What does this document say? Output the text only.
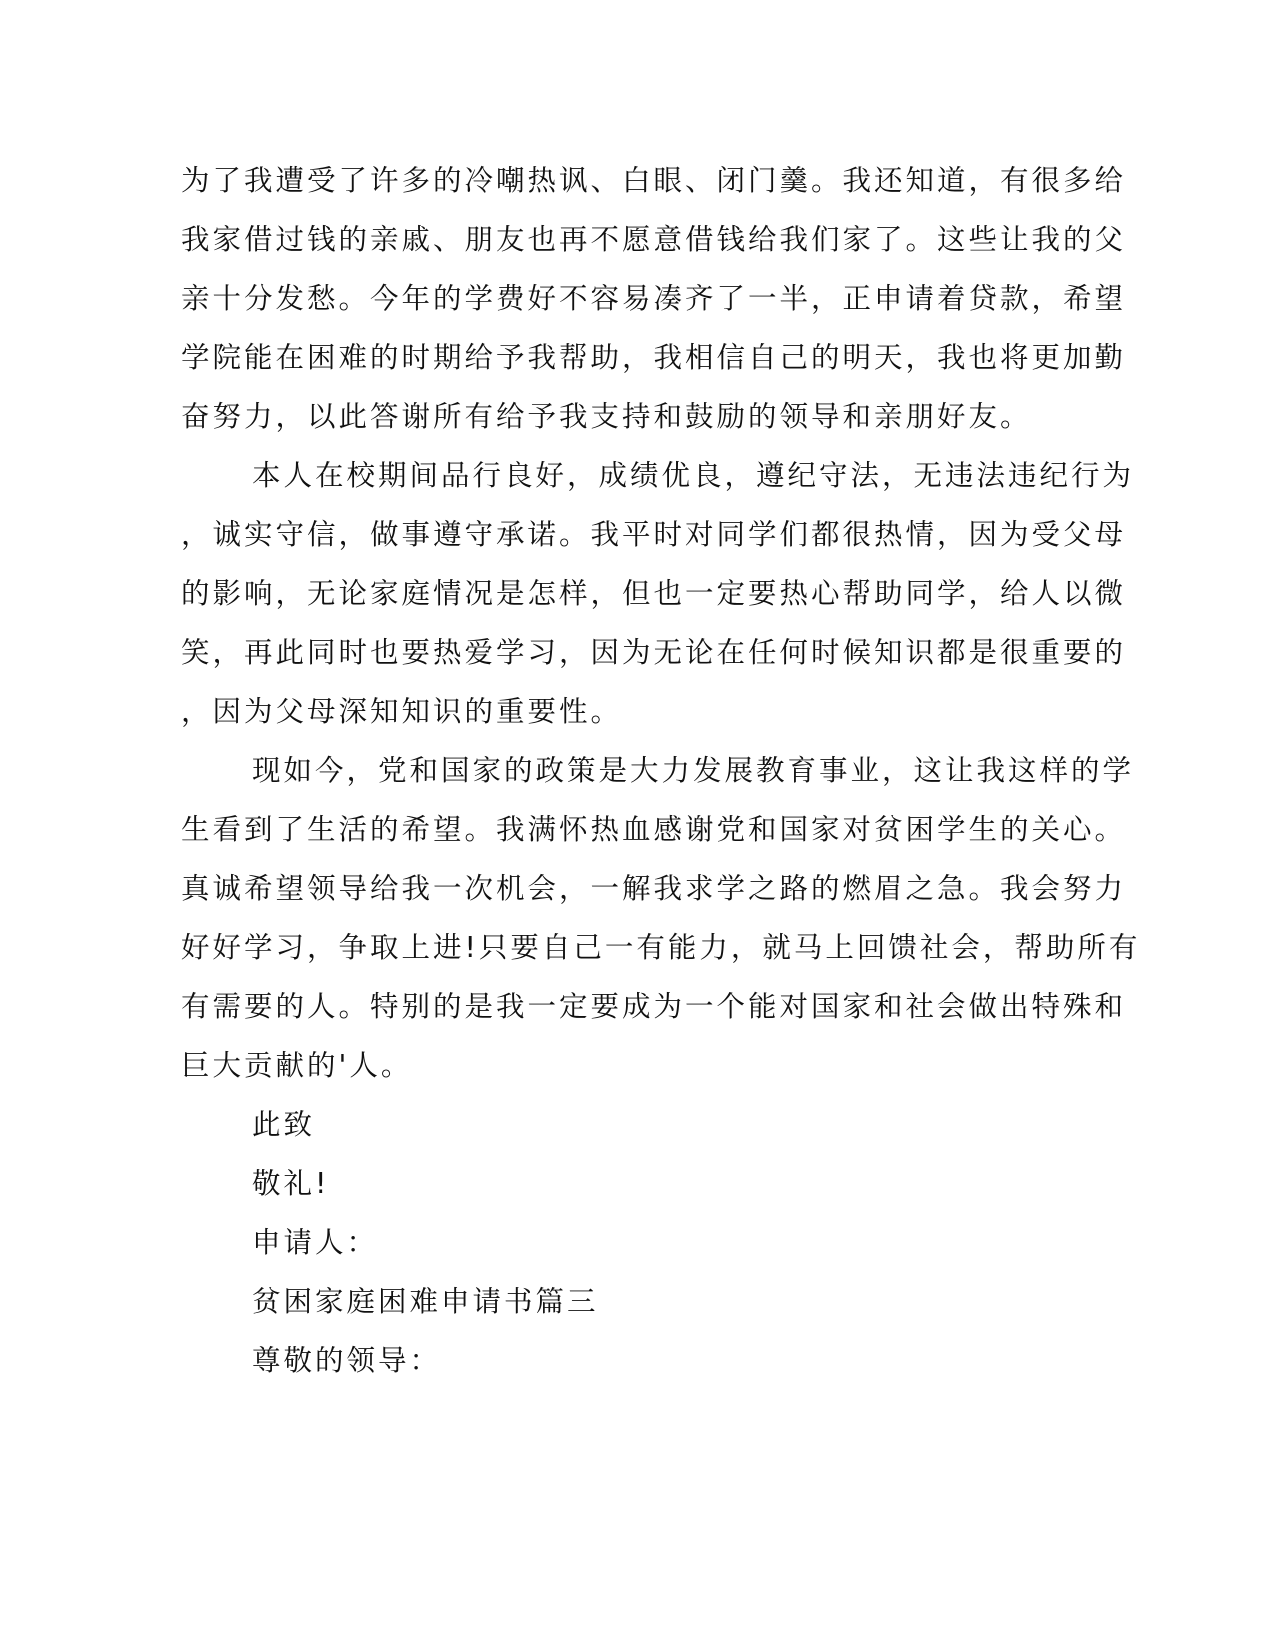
为了我遭受了许多的冷嘲热讽、白眼、闭门羹。我还知道，有很多给
我家借过钱的亲戚、朋友也再不愿意借钱给我们家了。这些让我的父
亲十分发愁。今年的学费好不容易凑齐了一半，正申请着贷款，希望
学院能在困难的时期给予我帮助，我相信自己的明天，我也将更加勤
奋努力，以此答谢所有给予我支持和鼓励的领导和亲朋好友。
本人在校期间品行良好，成绩优良，遵纪守法，无违法违纪行为
，诚实守信，做事遵守承诺。我平时对同学们都很热情，因为受父母
的影响，无论家庭情况是怎样，但也一定要热心帮助同学，给人以微
笑，再此同时也要热爱学习，因为无论在任何时候知识都是很重要的
，因为父母深知知识的重要性。
现如今，党和国家的政策是大力发展教育事业，这让我这样的学
生看到了生活的希望。我满怀热血感谢党和国家对贫困学生的关心。
真诚希望领导给我一次机会，一解我求学之路的燃眉之急。我会努力
好好学习，争取上进!只要自己一有能力，就马上回馈社会，帮助所有
有需要的人。特别的是我一定要成为一个能对国家和社会做出特殊和
巨大贡献的'人。
此致
敬礼!
申请人：
贫困家庭困难申请书篇三
尊敬的领导：
